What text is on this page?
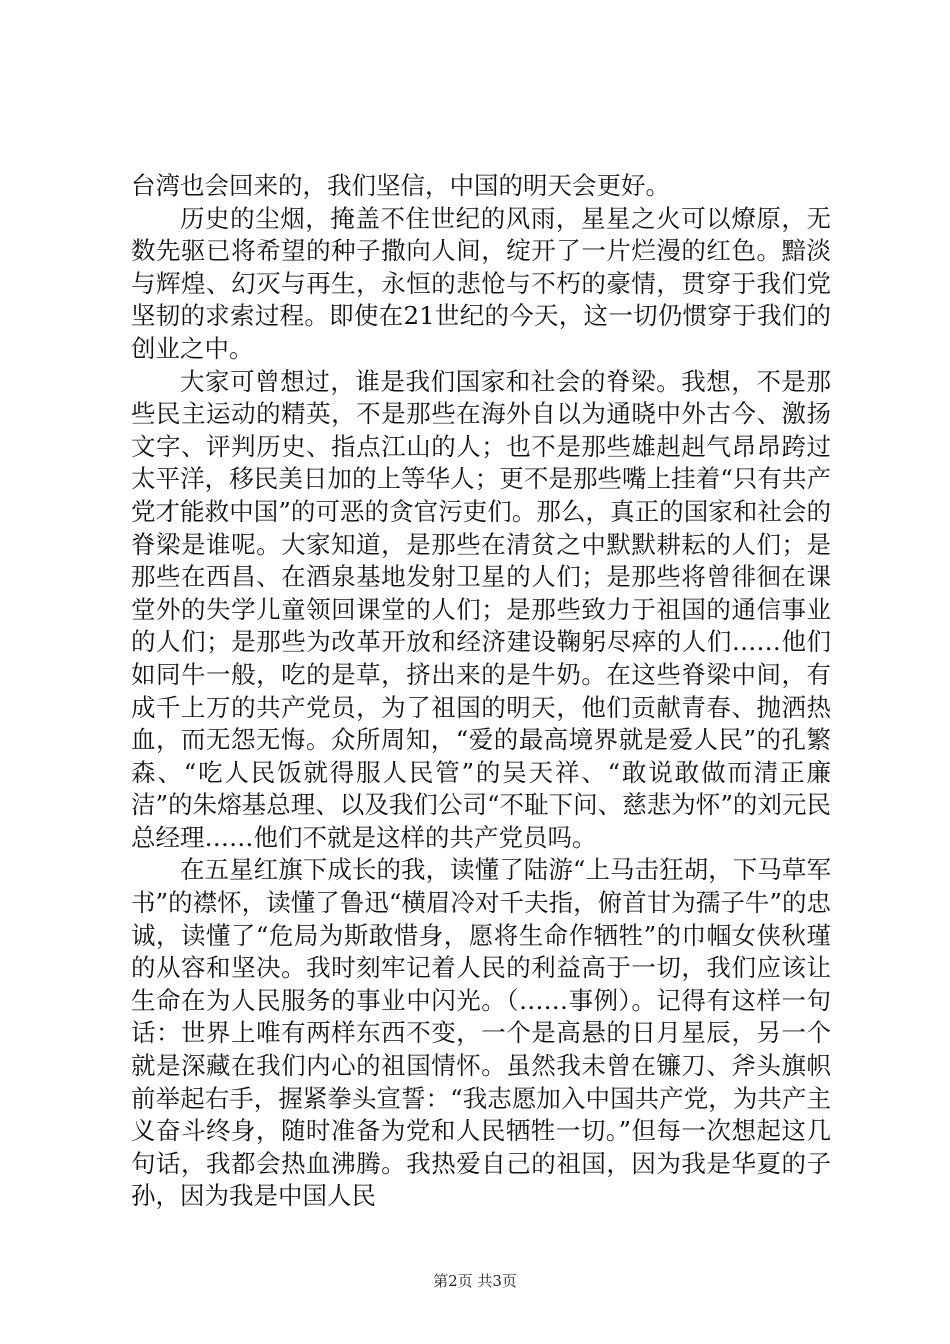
台湾也会回来的，我们坚信，中国的明天会更好。

历史的尘烟，掩盖不住世纪的风雨，星星之火可以燎原，无数先驱已将希望的种子撒向人间，绽开了一片烂漫的红色。黯淡与辉煌、幻灭与再生，永恒的悲怆与不朽的豪情，贯穿于我们党坚韧的求索过程。即使在21世纪的今天，这一切仍惯穿于我们的创业之中。

大家可曾想过，谁是我们国家和社会的脊梁。我想，不是那些民主运动的精英，不是那些在海外自以为通晓中外古今、激扬文字、评判历史、指点江山的人；也不是那些雄赳赳气昂昂跨过太平洋，移民美日加的上等华人；更不是那些嘴上挂着“只有共产党才能救中国”的可恶的贪官污吏们。那么，真正的国家和社会的脊梁是谁呢。大家知道，是那些在清贫之中默默耕耘的人们；是那些在西昌、在酒泉基地发射卫星的人们；是那些将曾徘徊在课堂外的失学儿童领回课堂的人们；是那些致力于祖国的通信事业的人们；是那些为改革开放和经济建设鞠躬尽瘁的人们……他们如同牛一般，吃的是草，挤出来的是牛奶。在这些脊梁中间，有成千上万的共产党员，为了祖国的明天，他们贡献青春、抛洒热血，而无怨无悔。众所周知，“爱的最高境界就是爱人民”的孔繁森、“吃人民饭就得服人民管”的吴天祥、“敢说敢做而清正廉洁”的朱熔基总理、以及我们公司“不耻下问、慈悲为怀”的刘元民总经理……他们不就是这样的共产党员吗。

在五星红旗下成长的我，读懂了陆游“上马击狂胡，下马草军书”的襟怀，读懂了鲁迅“横眉冷对千夫指，俯首甘为孺子牛”的忠诚，读懂了“危局为斯敢惜身，愿将生命作牺牲”的巾帼女侠秋瑾的从容和坚决。我时刻牢记着人民的利益高于一切，我们应该让生命在为人民服务的事业中闪光。（……事例）。记得有这样一句话：世界上唯有两样东西不变，一个是高悬的日月星辰，另一个就是深藏在我们内心的祖国情怀。虽然我未曾在镰刀、斧头旗帜前举起右手，握紧拳头宣誓：“我志愿加入中国共产党，为共产主义奋斗终身，随时准备为党和人民牺牲一切。”但每一次想起这几句话，我都会热血沸腾。我热爱自己的祖国，因为我是华夏的子孙，因为我是中国人民

第2页 共3页
